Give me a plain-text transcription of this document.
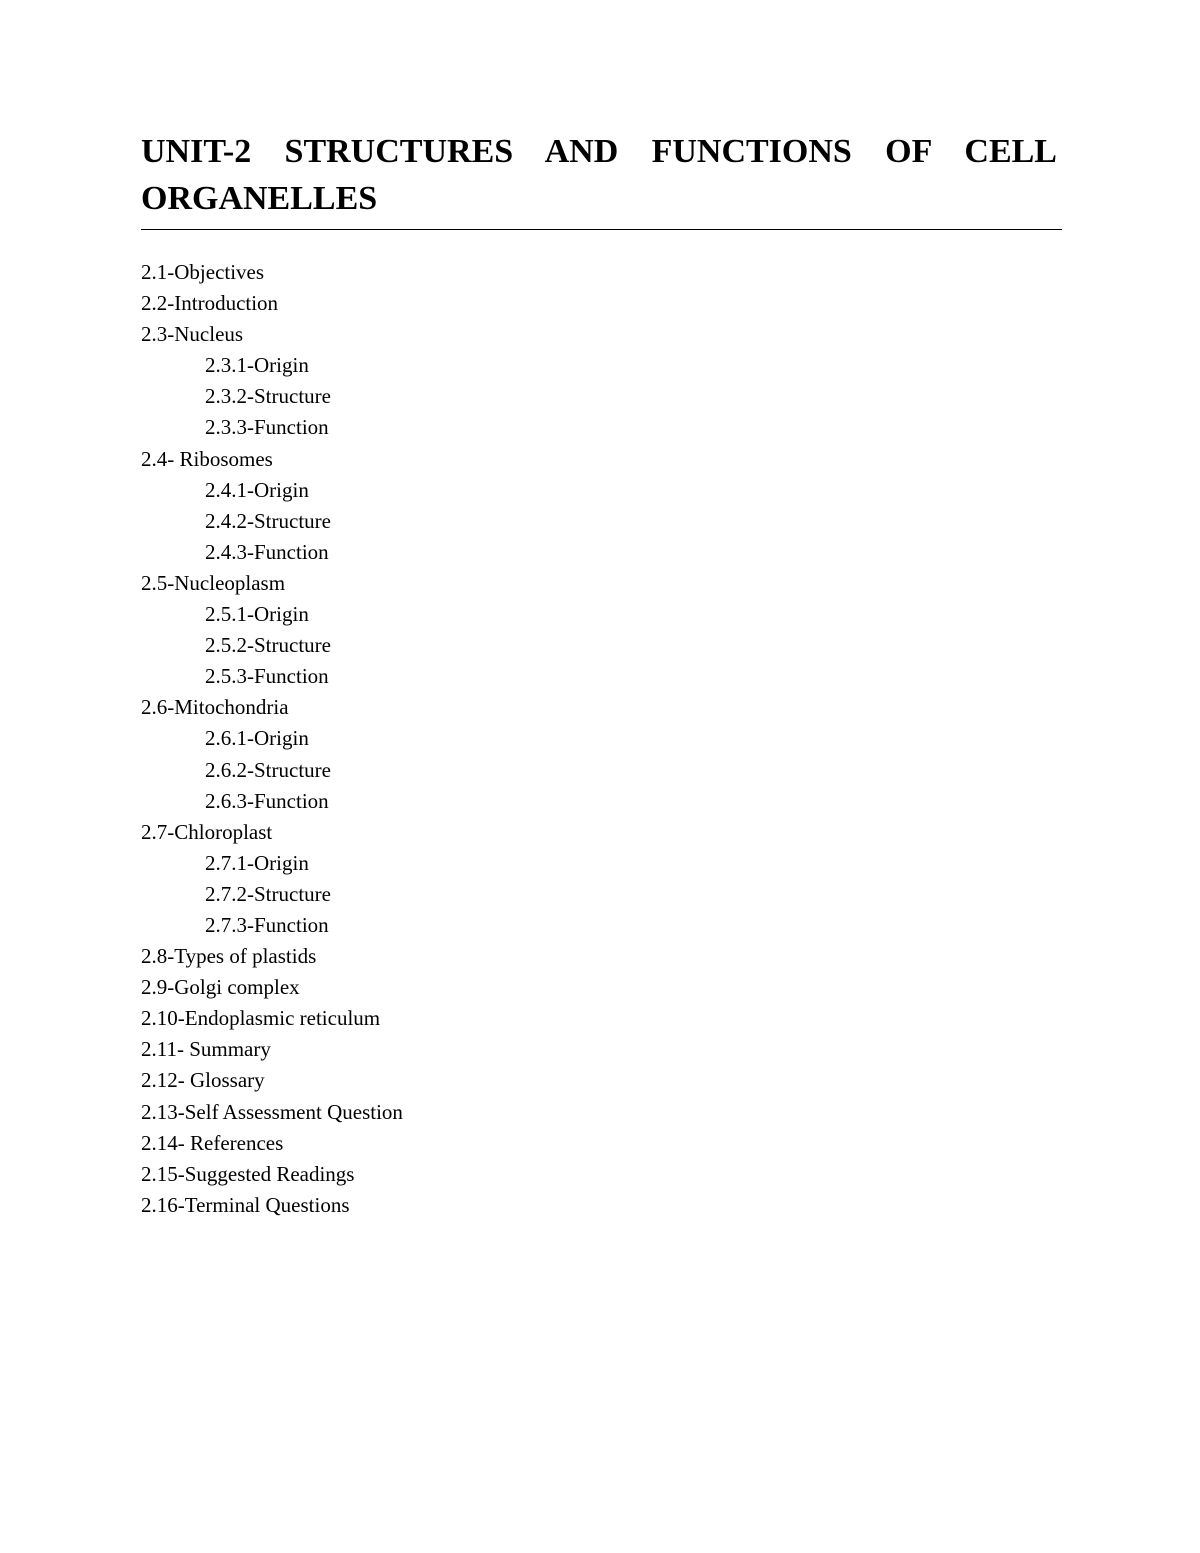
UNIT-2 STRUCTURES AND FUNCTIONS OF CELL ORGANELLES
2.1-Objectives
2.2-Introduction
2.3-Nucleus
2.3.1-Origin
2.3.2-Structure
2.3.3-Function
2.4- Ribosomes
2.4.1-Origin
2.4.2-Structure
2.4.3-Function
2.5-Nucleoplasm
2.5.1-Origin
2.5.2-Structure
2.5.3-Function
2.6-Mitochondria
2.6.1-Origin
2.6.2-Structure
2.6.3-Function
2.7-Chloroplast
2.7.1-Origin
2.7.2-Structure
2.7.3-Function
2.8-Types of plastids
2.9-Golgi complex
2.10-Endoplasmic reticulum
2.11- Summary
2.12- Glossary
2.13-Self Assessment Question
2.14- References
2.15-Suggested Readings
2.16-Terminal Questions
